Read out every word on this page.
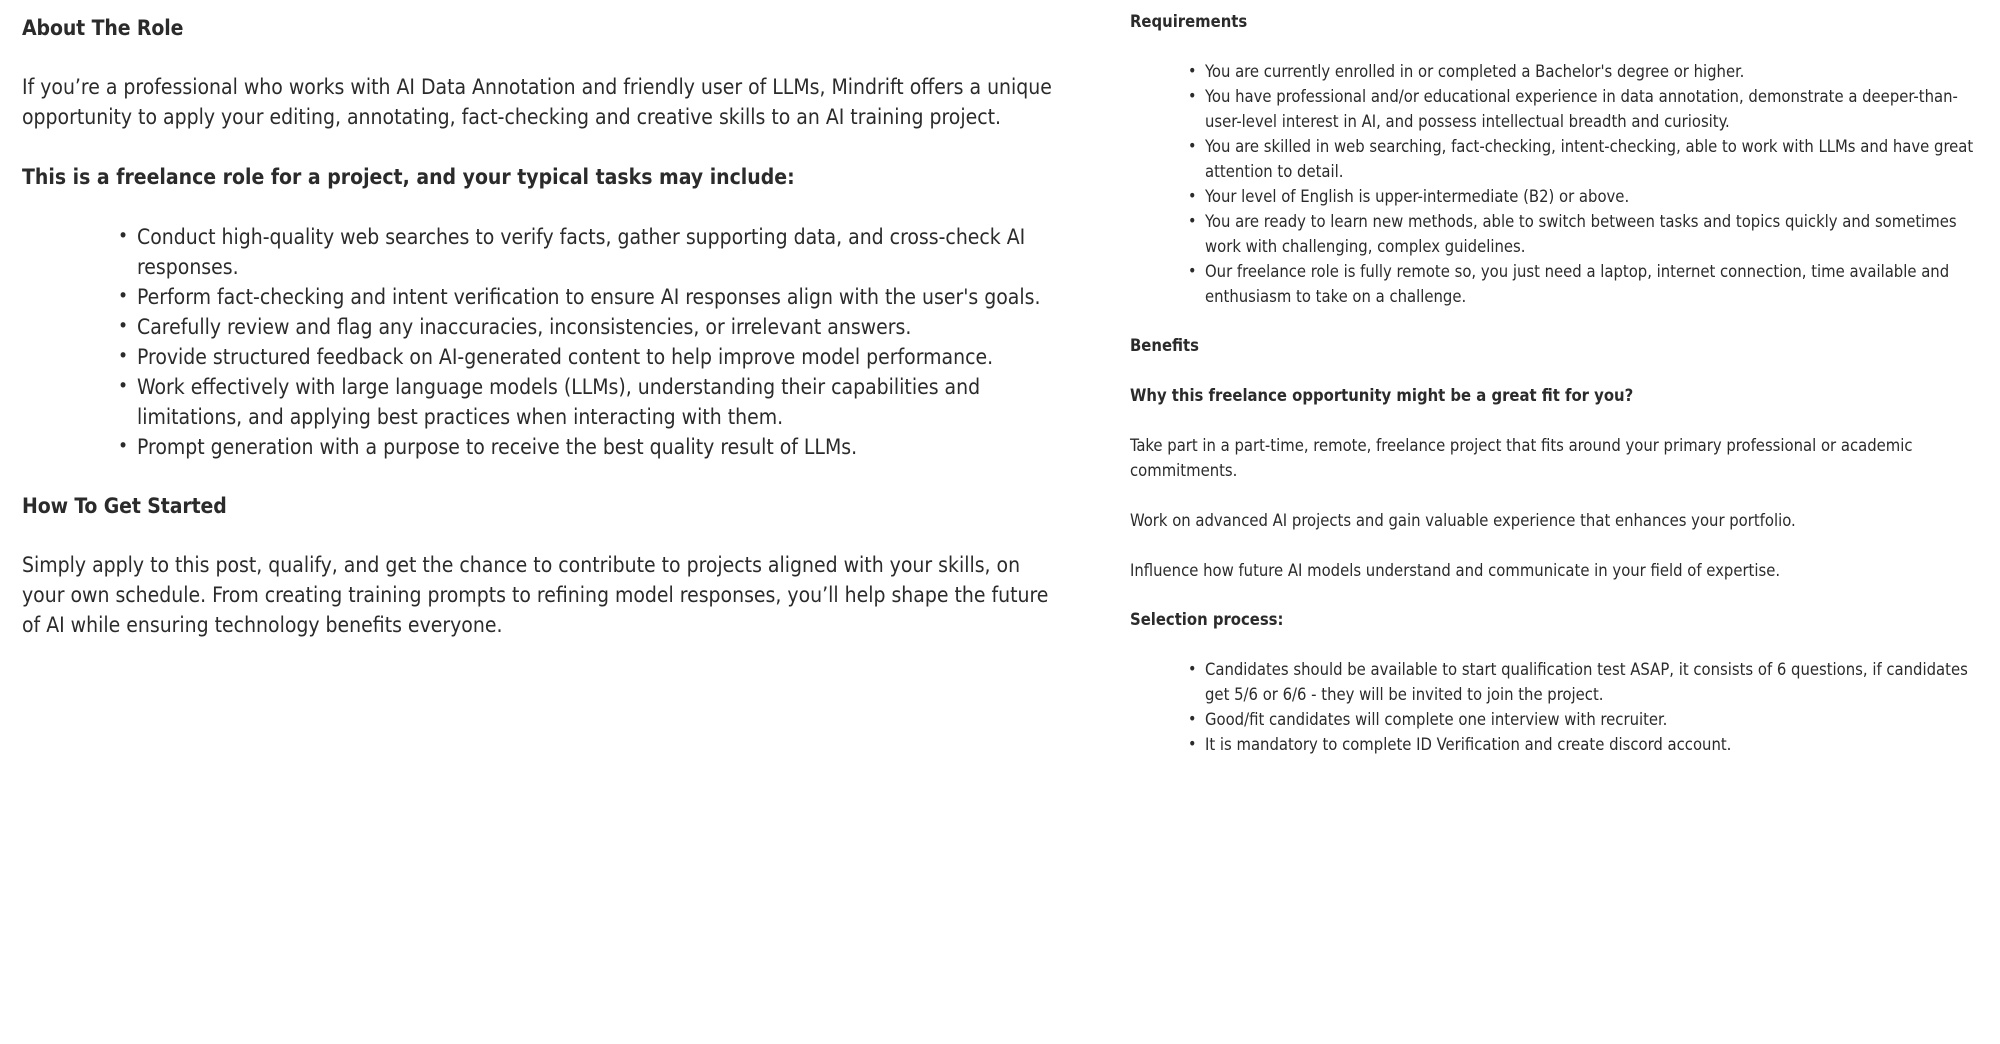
About The Role

If you’re a professional who works with AI Data Annotation and friendly user of LLMs, Mindrift offers a unique opportunity to apply your editing, annotating, fact-checking and creative skills to an AI training project.

This is a freelance role for a project, and your typical tasks may include:

• Conduct high-quality web searches to verify facts, gather supporting data, and cross-check AI responses.
• Perform fact-checking and intent verification to ensure AI responses align with the user's goals.
• Carefully review and flag any inaccuracies, inconsistencies, or irrelevant answers.
• Provide structured feedback on AI-generated content to help improve model performance.
• Work effectively with large language models (LLMs), understanding their capabilities and limitations, and applying best practices when interacting with them.
• Prompt generation with a purpose to receive the best quality result of LLMs.
How To Get Started

Simply apply to this post, qualify, and get the chance to contribute to projects aligned with your skills, on your own schedule. From creating training prompts to refining model responses, you’ll help shape the future of AI while ensuring technology benefits everyone.

Requirements
• You are currently enrolled in or completed a Bachelor's degree or higher.
• You have professional and/or educational experience in data annotation, demonstrate a deeper-than-user-level interest in AI, and possess intellectual breadth and curiosity.
• You are skilled in web searching, fact-checking, intent-checking, able to work with LLMs and have great attention to detail.
• Your level of English is upper-intermediate (B2) or above.
• You are ready to learn new methods, able to switch between tasks and topics quickly and sometimes work with challenging, complex guidelines.
• Our freelance role is fully remote so, you just need a laptop, internet connection, time available and enthusiasm to take on a challenge.
Benefits

Why this freelance opportunity might be a great fit for you?

Take part in a part-time, remote, freelance project that fits around your primary professional or academic commitments.

Work on advanced AI projects and gain valuable experience that enhances your portfolio.

Influence how future AI models understand and communicate in your field of expertise.

Selection process:
• Candidates should be available to start qualification test ASAP, it consists of 6 questions, if candidates get 5/6 or 6/6 - they will be invited to join the project.
• Good/fit candidates will complete one interview with recruiter.
• It is mandatory to complete ID Verification and create discord account.
